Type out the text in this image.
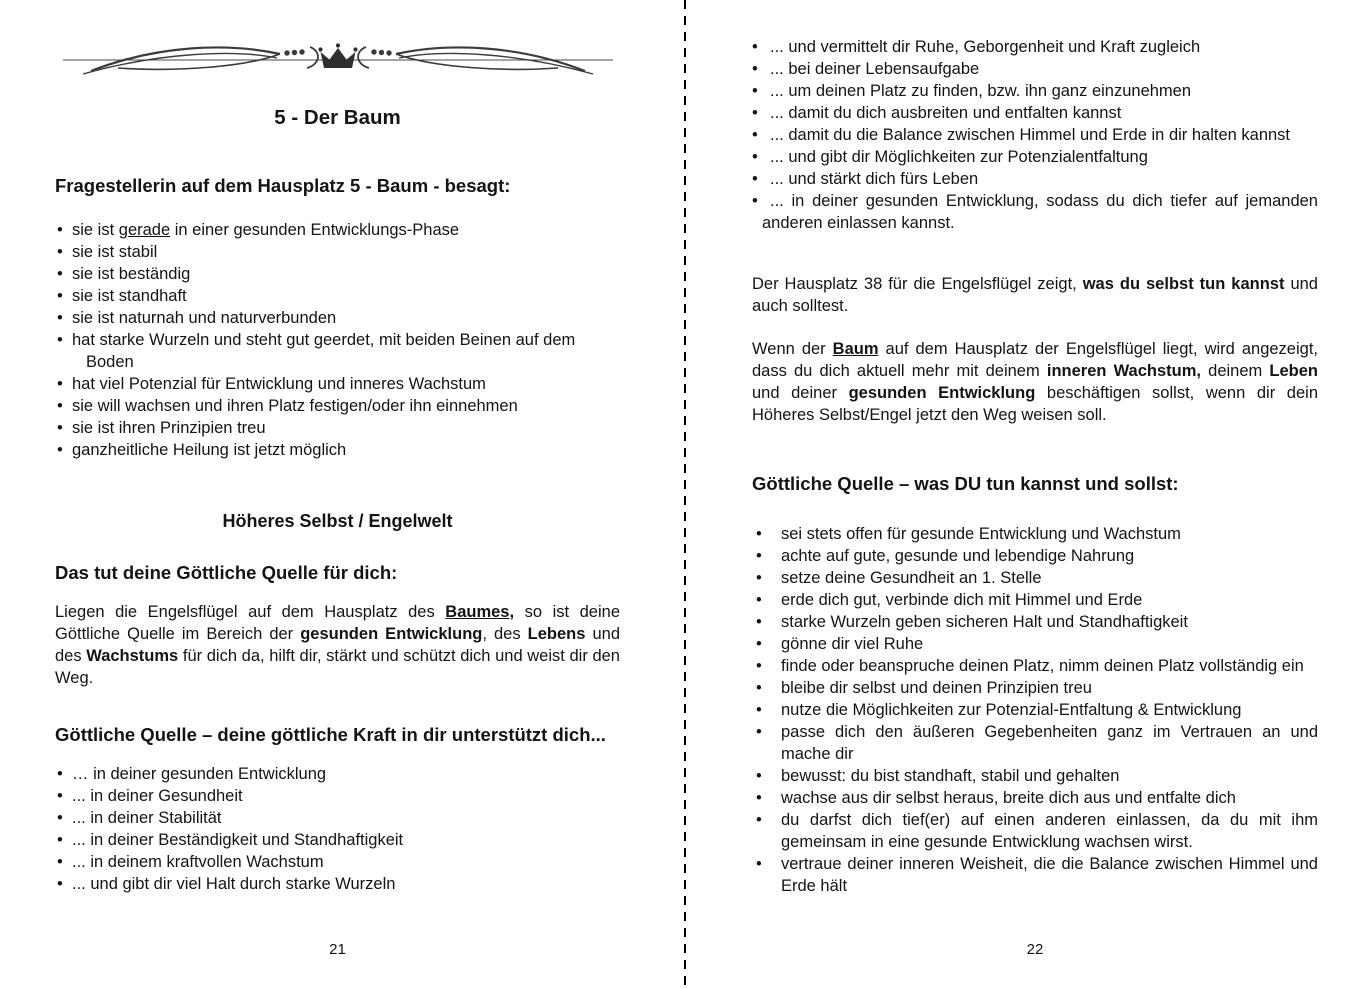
5 - Der Baum
Fragestellerin auf dem Hausplatz 5 - Baum - besagt:
• sie ist gerade in einer gesunden Entwicklungs-Phase
• sie ist stabil
• sie ist beständig
• sie ist standhaft
• sie ist naturnah und naturverbunden
• hat starke Wurzeln und steht gut geerdet, mit beiden Beinen auf dem Boden
• hat viel Potenzial für Entwicklung und inneres Wachstum
• sie will wachsen und ihren Platz festigen/oder ihn einnehmen
• sie ist ihren Prinzipien treu
• ganzheitliche Heilung ist jetzt möglich
Höheres Selbst / Engelwelt
Das tut deine Göttliche Quelle für dich:

Liegen die Engelsflügel auf dem Hausplatz des Baumes, so ist deine Göttliche Quelle im Bereich der gesunden Entwicklung, des Lebens und des Wachstums für dich da, hilft dir, stärkt und schützt dich und weist dir den Weg.

Göttliche Quelle – deine göttliche Kraft in dir unterstützt dich...
• … in deiner gesunden Entwicklung
• ... in deiner Gesundheit
• ... in deiner Stabilität
• ... in deiner Beständigkeit und Standhaftigkeit
• ... in deinem kraftvollen Wachstum
• ... und gibt dir viel Halt durch starke Wurzeln
21
• ... und vermittelt dir Ruhe, Geborgenheit und Kraft zugleich
• ... bei deiner Lebensaufgabe
• ... um deinen Platz zu finden, bzw. ihn ganz einzunehmen
• ... damit du dich ausbreiten und entfalten kannst
• ... damit du die Balance zwischen Himmel und Erde in dir halten kannst
• ... und gibt dir Möglichkeiten zur Potenzialentfaltung
• ... und stärkt dich fürs Leben
• ... in deiner gesunden Entwicklung, sodass du dich tiefer auf jemanden anderen einlassen kannst.

Der Hausplatz 38 für die Engelsflügel zeigt, was du selbst tun kannst und auch solltest.

Wenn der Baum auf dem Hausplatz der Engelsflügel liegt, wird angezeigt, dass du dich aktuell mehr mit deinem inneren Wachstum, deinem Leben und deiner gesunden Entwicklung beschäftigen sollst, wenn dir dein Höheres Selbst/Engel jetzt den Weg weisen soll.

Göttliche Quelle – was DU tun kannst und sollst:
• sei stets offen für gesunde Entwicklung und Wachstum
• achte auf gute, gesunde und lebendige Nahrung
• setze deine Gesundheit an 1. Stelle
• erde dich gut, verbinde dich mit Himmel und Erde
• starke Wurzeln geben sicheren Halt und Standhaftigkeit
• gönne dir viel Ruhe
• finde oder beanspruche deinen Platz, nimm deinen Platz vollständig ein
• bleibe dir selbst und deinen Prinzipien treu
• nutze die Möglichkeiten zur Potenzial-Entfaltung & Entwicklung
• passe dich den äußeren Gegebenheiten ganz im Vertrauen an und mache dir
• bewusst: du bist standhaft, stabil und gehalten
• wachse aus dir selbst heraus, breite dich aus und entfalte dich
• du darfst dich tief(er) auf einen anderen einlassen, da du mit ihm gemeinsam in eine gesunde Entwicklung wachsen wirst.
• vertraue deiner inneren Weisheit, die die Balance zwischen Himmel und Erde hält
22
